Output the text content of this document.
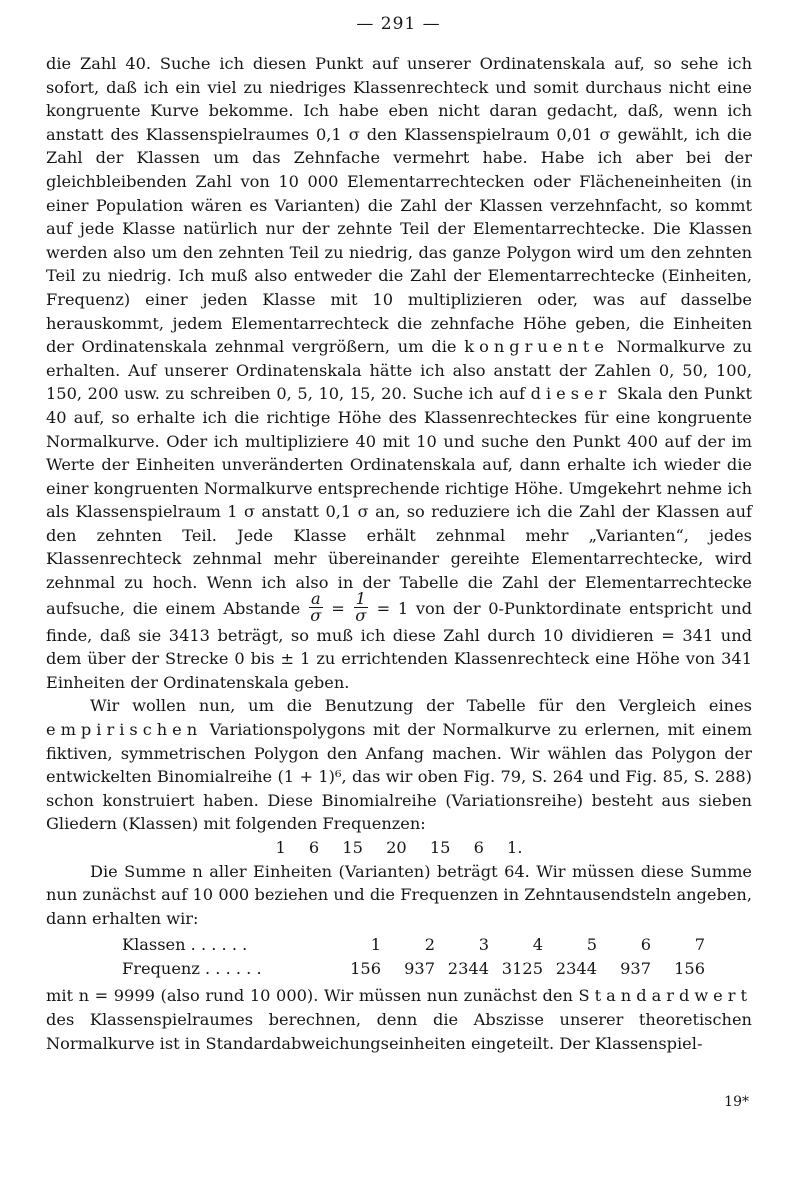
— 291 —

die Zahl 40. Suche ich diesen Punkt auf unserer Ordinatenskala auf, so sehe ich sofort, daß ich ein viel zu niedriges Klassenrechteck und somit durchaus nicht eine kongruente Kurve bekomme. Ich habe eben nicht daran gedacht, daß, wenn ich anstatt des Klassenspielraumes 0,1 σ den Klassenspielraum 0,01 σ gewählt, ich die Zahl der Klassen um das Zehnfache vermehrt habe. Habe ich aber bei der gleichbleibenden Zahl von 10 000 Elementarrechtecken oder Flächeneinheiten (in einer Population wären es Varianten) die Zahl der Klassen verzehnfacht, so kommt auf jede Klasse natürlich nur der zehnte Teil der Elementarrechtecke. Die Klassen werden also um den zehnten Teil zu niedrig, das ganze Polygon wird um den zehnten Teil zu niedrig. Ich muß also entweder die Zahl der Elementarrechtecke (Einheiten, Frequenz) einer jeden Klasse mit 10 multiplizieren oder, was auf dasselbe herauskommt, jedem Elementarrechteck die zehnfache Höhe geben, die Einheiten der Ordinatenskala zehnmal vergrößern, um die kongruente Normalkurve zu erhalten. Auf unserer Ordinatenskala hätte ich also anstatt der Zahlen 0, 50, 100, 150, 200 usw. zu schreiben 0, 5, 10, 15, 20. Suche ich auf dieser Skala den Punkt 40 auf, so erhalte ich die richtige Höhe des Klassenrechteckes für eine kongruente Normalkurve. Oder ich multipliziere 40 mit 10 und suche den Punkt 400 auf der im Werte der Einheiten unveränderten Ordinatenskala auf, dann erhalte ich wieder die einer kongruenten Normalkurve entsprechende richtige Höhe. Umgekehrt nehme ich als Klassenspielraum 1 σ anstatt 0,1 σ an, so reduziere ich die Zahl der Klassen auf den zehnten Teil. Jede Klasse erhält zehnmal mehr „Varianten“, jedes Klassenrechteck zehnmal mehr übereinander gereihte Elementarrechtecke, wird zehnmal zu hoch. Wenn ich also in der Tabelle die Zahl der Elementarrechtecke aufsuche, die einem Abstande $\frac{a}{\sigma} = \frac{1}{\sigma} = 1$ von der 0-Punktordinate entspricht und finde, daß sie 3413 beträgt, so muß ich diese Zahl durch 10 dividieren = 341 und dem über der Strecke 0 bis ± 1 zu errichtenden Klassenrechteck eine Höhe von 341 Einheiten der Ordinatenskala geben.

Wir wollen nun, um die Benutzung der Tabelle für den Vergleich eines empirischen Variationspolygons mit der Normalkurve zu erlernen, mit einem fiktiven, symmetrischen Polygon den Anfang machen. Wir wählen das Polygon der entwickelten Binomialreihe (1 + 1)⁶, das wir oben Fig. 79, S. 264 und Fig. 85, S. 288) schon konstruiert haben. Diese Binomialreihe (Variationsreihe) besteht aus sieben Gliedern (Klassen) mit folgenden Frequenzen:

1 6 15 20 15 6 1.

Die Summe n aller Einheiten (Varianten) beträgt 64. Wir müssen diese Summe nun zunächst auf 10 000 beziehen und die Frequenzen in Zehntausendsteln angeben, dann erhalten wir:

Klassen . . . . . .	1	2	3	4	5	6	7
Frequenz . . . . . .	156	937	2344	3125	2344	937	156

mit n = 9999 (also rund 10 000). Wir müssen nun zunächst den Standardwert des Klassenspielraumes berechnen, denn die Abszisse unserer theoretischen Normalkurve ist in Standardabweichungseinheiten eingeteilt. Der Klassenspiel-

19*
